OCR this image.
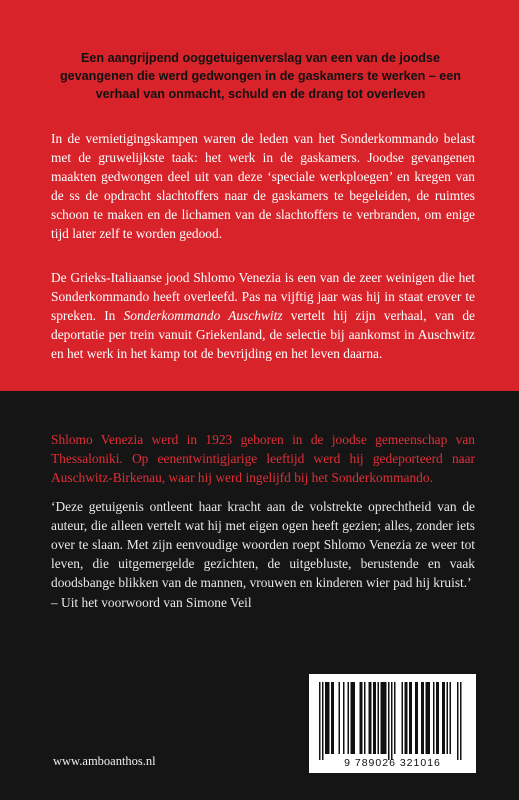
Een aangrijpend ooggetuigenverslag van een van de joodse gevangenen die werd gedwongen in de gaskamers te werken – een verhaal van onmacht, schuld en de drang tot overleven

In de vernietigingskampen waren de leden van het Sonderkommando belast met de gruwelijkste taak: het werk in de gaskamers. Joodse gevangenen maakten gedwongen deel uit van deze ‘speciale werkploegen’ en kregen van de ss de opdracht slachtoffers naar de gaskamers te begeleiden, de ruimtes schoon te maken en de lichamen van de slachtoffers te verbranden, om enige tijd later zelf te worden gedood.

De Grieks-Italiaanse jood Shlomo Venezia is een van de zeer weinigen die het Sonderkommando heeft overleefd. Pas na vijftig jaar was hij in staat erover te spreken. In Sonderkommando Auschwitz vertelt hij zijn verhaal, van de deportatie per trein vanuit Griekenland, de selectie bij aankomst in Auschwitz en het werk in het kamp tot de bevrijding en het leven daarna.

Shlomo Venezia werd in 1923 geboren in de joodse gemeenschap van Thessaloniki. Op eenentwintigjarige leeftijd werd hij gedeporteerd naar Auschwitz-Birkenau, waar hij werd ingelijfd bij het Sonderkommando.

‘Deze getuigenis ontleent haar kracht aan de volstrekte oprechtheid van de auteur, die alleen vertelt wat hij met eigen ogen heeft gezien; alles, zonder iets over te slaan. Met zijn eenvoudige woorden roept Shlomo Venezia ze weer tot leven, die uitgemergelde gezichten, de uitgebluste, berustende en vaak doodsbange blikken van de mannen, vrouwen en kinderen wier pad hij kruist.’

– Uit het voorwoord van Simone Veil

www.amboanthos.nl	9 789026 321016
